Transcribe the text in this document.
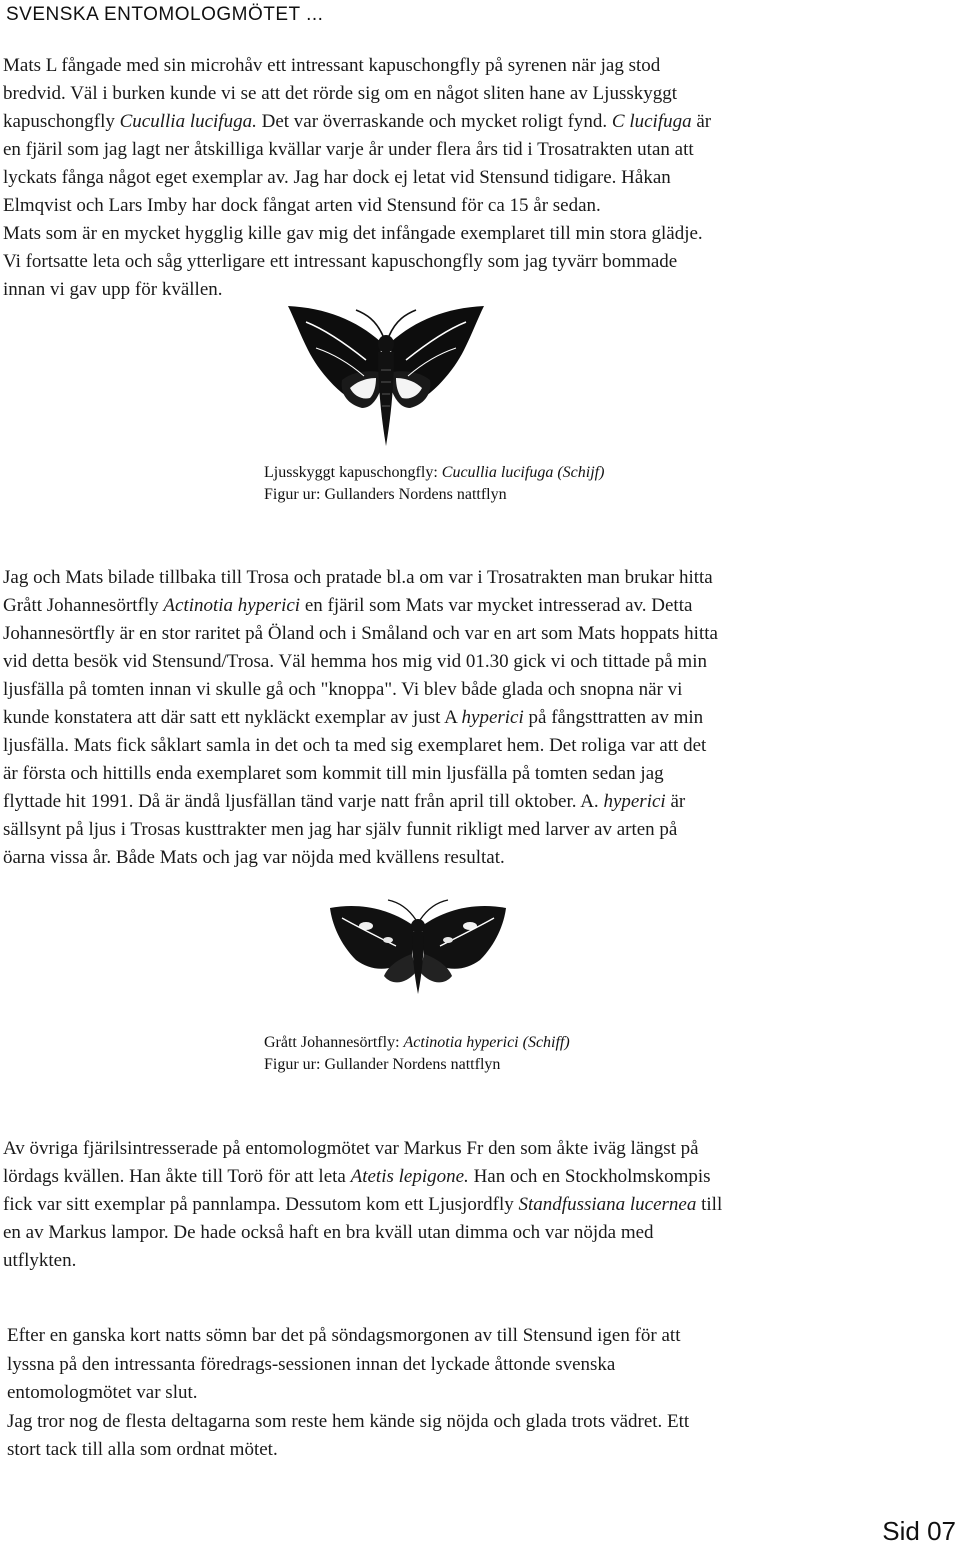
SVENSKA ENTOMOLOGMÖTET ...

Mats L fångade med sin microhåv ett intressant kapuschongfly på syrenen när jag stod
bredvid. Väl i burken kunde vi se att det rörde sig om en något sliten hane av Ljusskyggt
kapuschongfly Cucullia lucifuga. Det var överraskande och mycket roligt fynd. C lucifuga är
en fjäril som jag lagt ner åtskilliga kvällar varje år under flera års tid i Trosatrakten utan att
lyckats fånga något eget exemplar av. Jag har dock ej letat vid Stensund tidigare. Håkan
Elmqvist och Lars Imby har dock fångat arten vid Stensund för ca 15 år sedan.
Mats som är en mycket hygglig kille gav mig det infångade exemplaret till min stora glädje.
Vi fortsatte leta och såg ytterligare ett intressant kapuschongfly som jag tyvärr bommade
innan vi gav upp för kvällen.

Ljusskyggt kapuschongfly: Cucullia lucifuga (Schijf)
Figur ur: Gullanders Nordens nattflyn

Jag och Mats bilade tillbaka till Trosa och pratade bl.a om var i Trosatrakten man brukar hitta
Grått Johannesörtfly Actinotia hyperici en fjäril som Mats var mycket intresserad av. Detta
Johannesörtfly är en stor raritet på Öland och i Småland och var en art som Mats hoppats hitta
vid detta besök vid Stensund/Trosa. Väl hemma hos mig vid 01.30 gick vi och tittade på min
ljusfälla på tomten innan vi skulle gå och "knoppa". Vi blev både glada och snopna när vi
kunde konstatera att där satt ett nykläckt exemplar av just A hyperici på fångsttratten av min
ljusfälla. Mats fick såklart samla in det och ta med sig exemplaret hem. Det roliga var att det
är första och hittills enda exemplaret som kommit till min ljusfälla på tomten sedan jag
flyttade hit 1991. Då är ändå ljusfällan tänd varje natt från april till oktober. A. hyperici är
sällsynt på ljus i Trosas kusttrakter men jag har själv funnit rikligt med larver av arten på
öarna vissa år. Både Mats och jag var nöjda med kvällens resultat.

Grått Johannesörtfly: Actinotia hyperici (Schiff)
Figur ur: Gullander Nordens nattflyn

Av övriga fjärilsintresserade på entomologmötet var Markus Fr den som åkte iväg längst på
lördags kvällen. Han åkte till Torö för att leta Atetis lepigone. Han och en Stockholmskompis
fick var sitt exemplar på pannlampa. Dessutom kom ett Ljusjordfly Standfussiana lucernea till
en av Markus lampor. De hade också haft en bra kväll utan dimma och var nöjda med
utflykten.

Efter en ganska kort natts sömn bar det på söndagsmorgonen av till Stensund igen för att
lyssna på den intressanta föredrags-sessionen innan det lyckade åttonde svenska
entomologmötet var slut.
Jag tror nog de flesta deltagarna som reste hem kände sig nöjda och glada trots vädret. Ett
stort tack till alla som ordnat mötet.

Sid 07
